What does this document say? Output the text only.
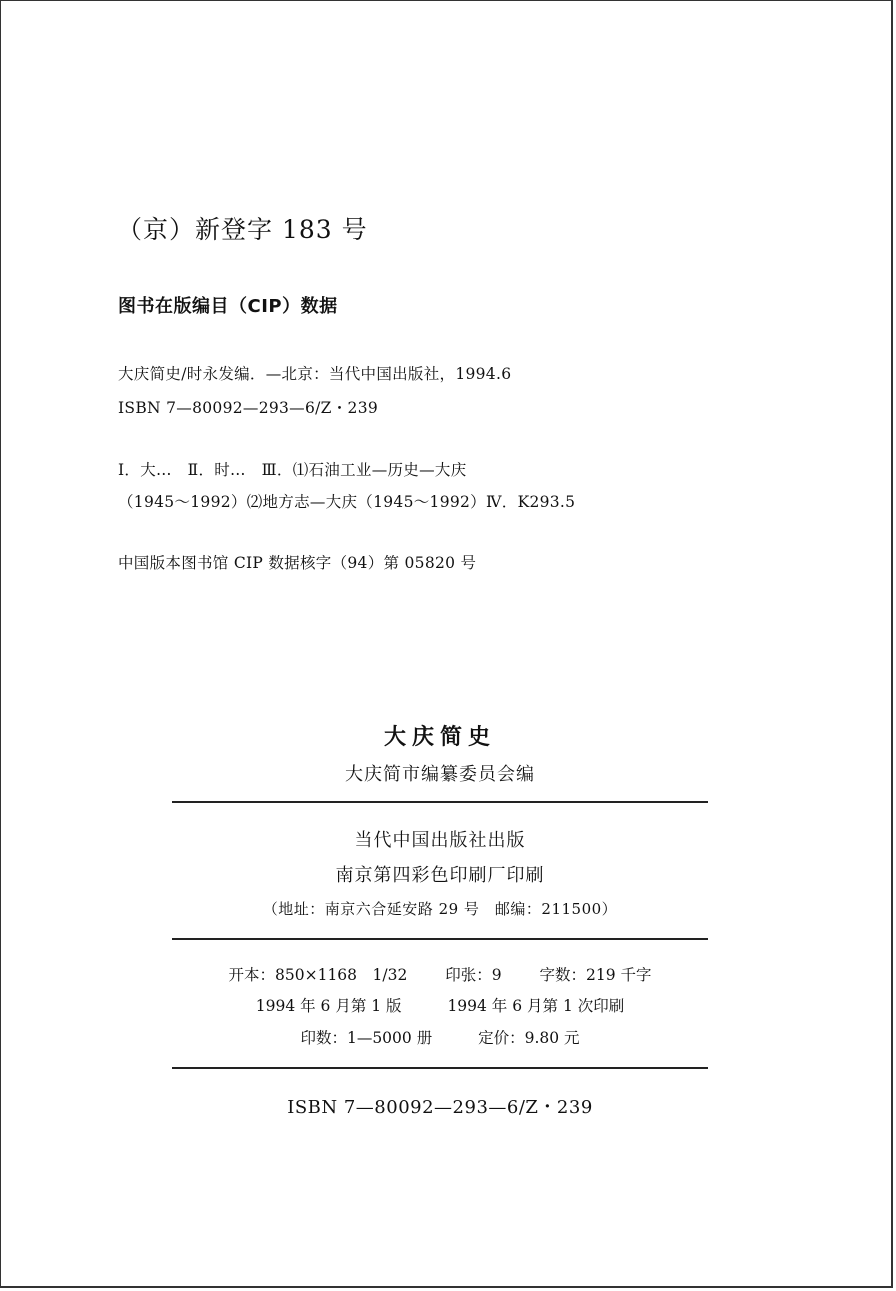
（京）新登字 183 号
图书在版编目（CIP）数据
大庆简史/时永发编．—北京：当代中国出版社，1994.6
ISBN 7—80092—293—6/Z・239
Ⅰ．大…　Ⅱ．时…　Ⅲ．⑴石油工业—历史—大庆
（1945～1992）⑵地方志—大庆（1945～1992）Ⅳ．K293.5
中国版本图书馆 CIP 数据核字（94）第 05820 号
大庆简史
大庆简市编纂委员会编
当代中国出版社出版
南京第四彩色印刷厂印刷
（地址：南京六合延安路 29 号　邮编：211500）
开本：850×1168　1/32 印张：9 字数：219 千字
1994 年 6 月第 1 版	1994 年 6 月第 1 次印刷
印数：1—5000 册	定价：9.80 元
ISBN 7—80092—293—6/Z・239
